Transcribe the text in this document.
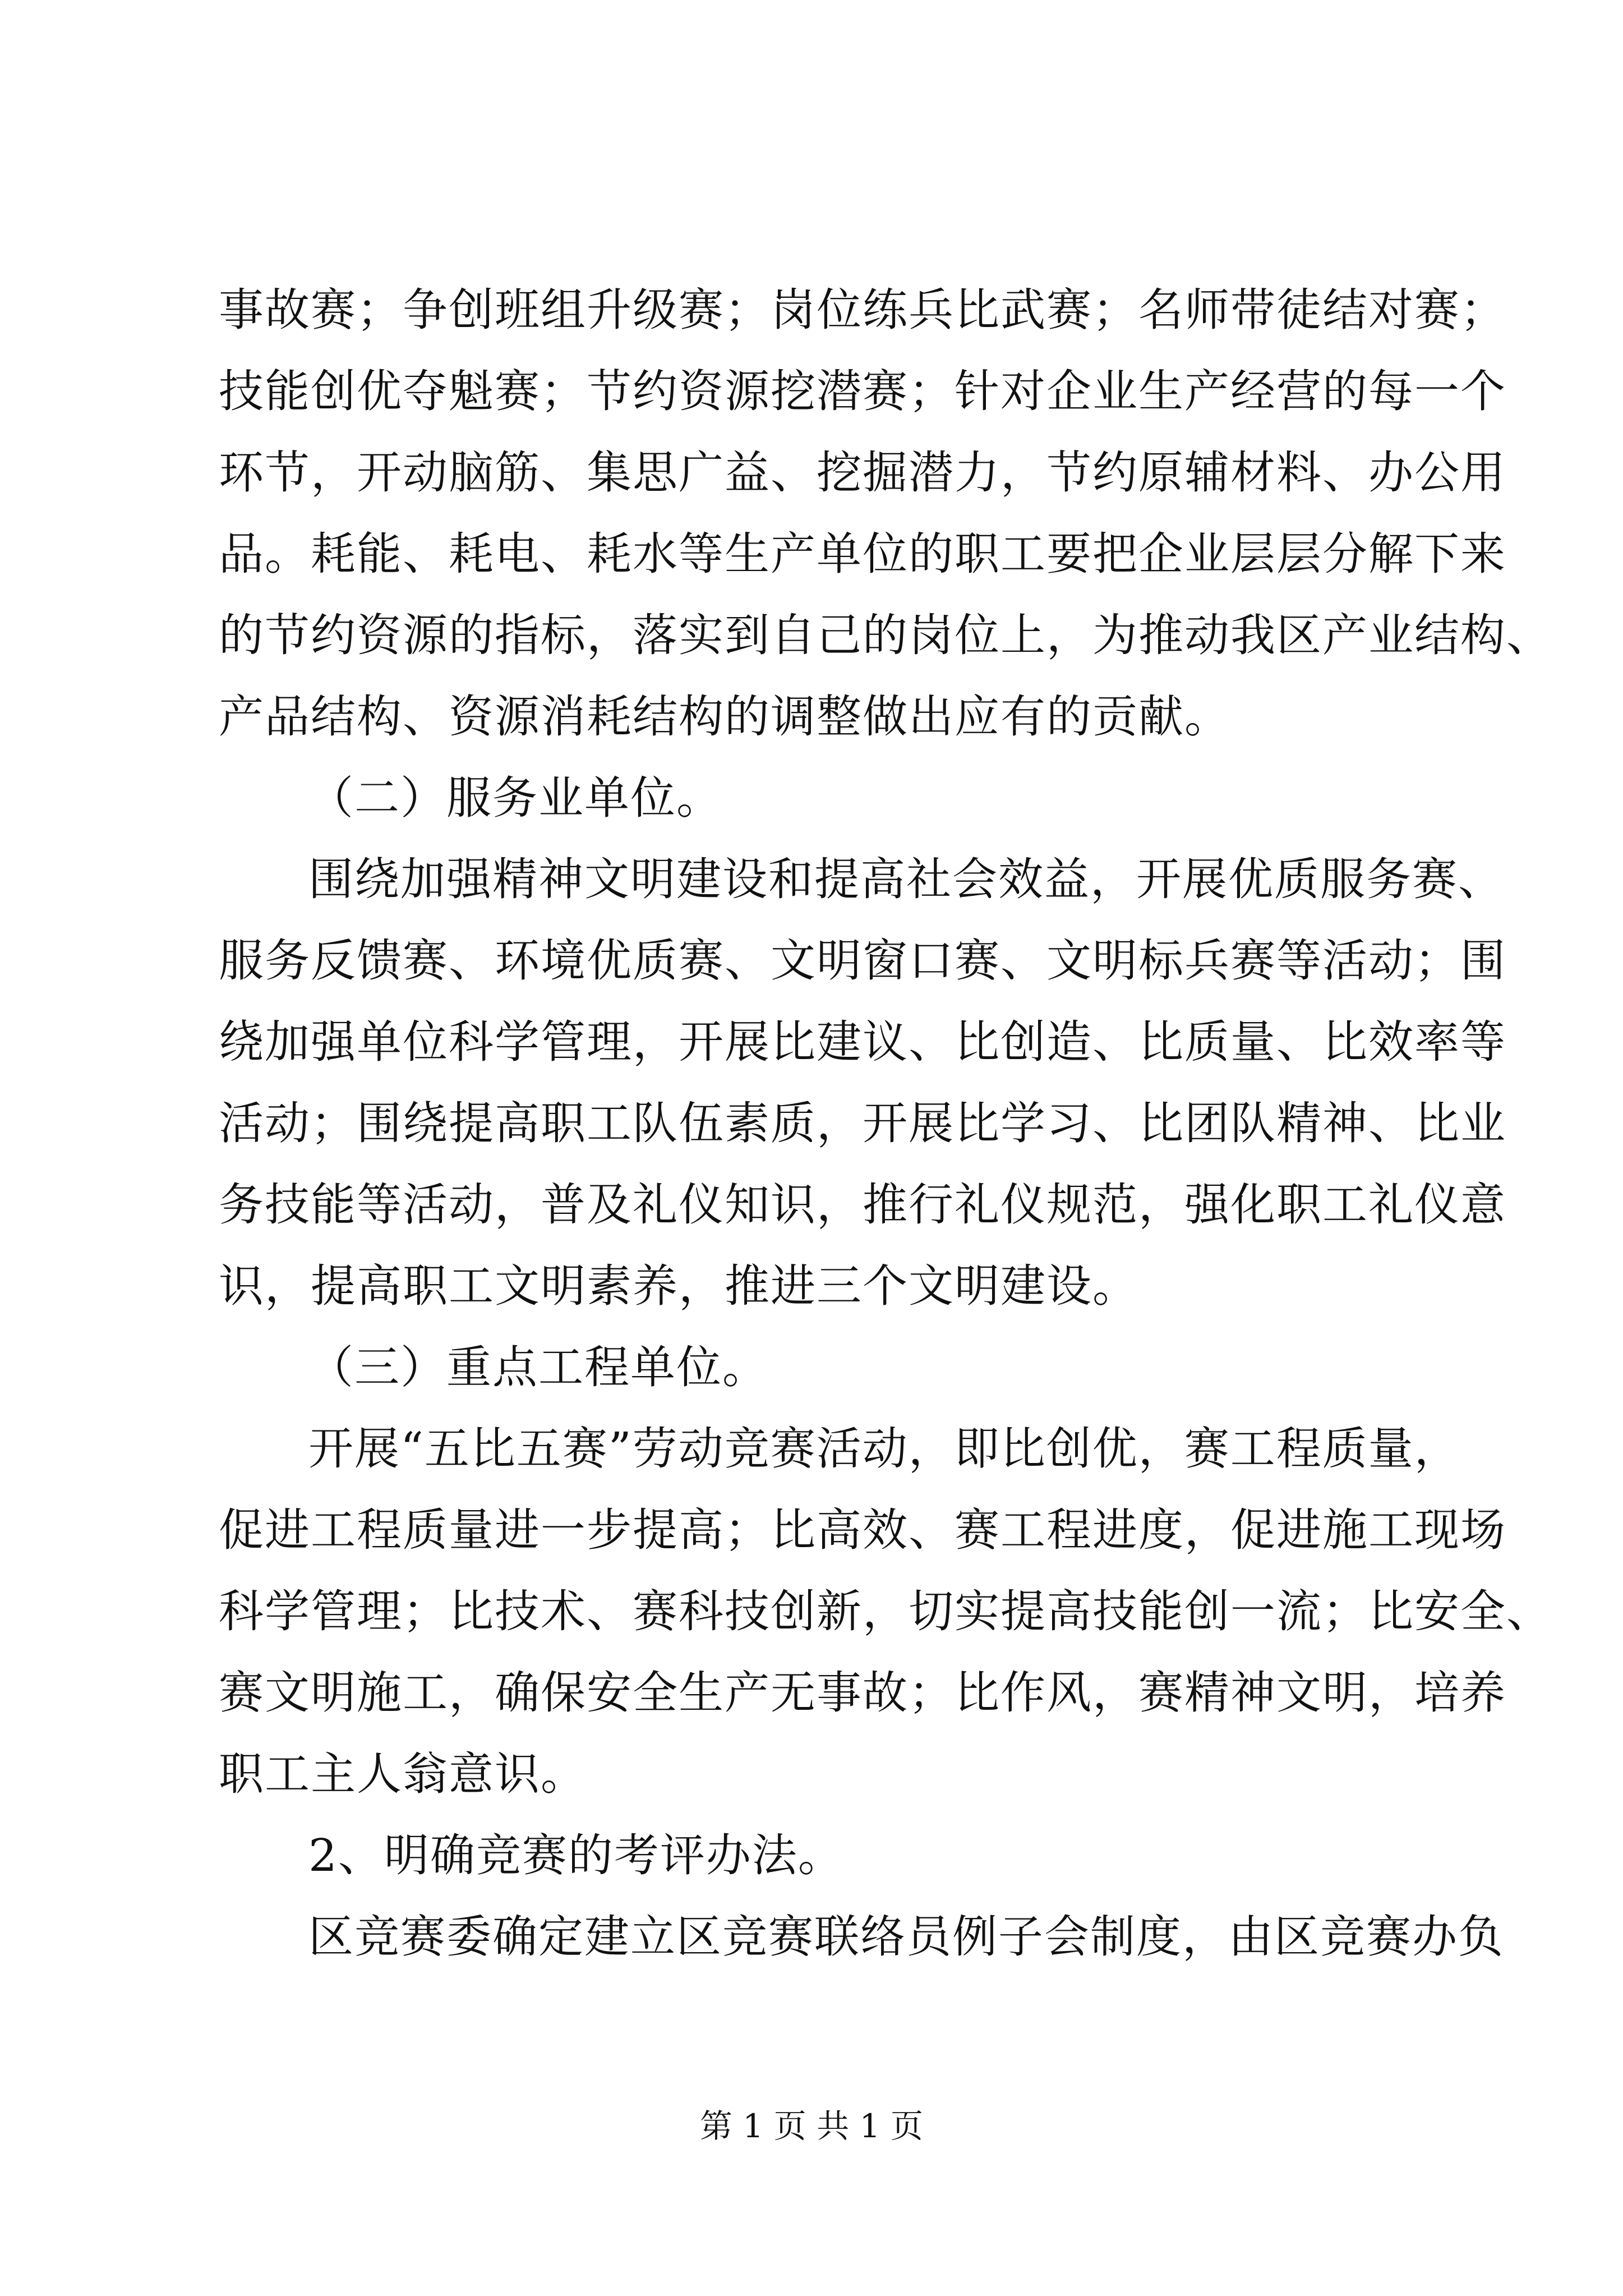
事故赛；争创班组升级赛；岗位练兵比武赛；名师带徒结对赛；
技能创优夺魁赛；节约资源挖潜赛；针对企业生产经营的每一个
环节，开动脑筋、集思广益、挖掘潜力，节约原辅材料、办公用
品。耗能、耗电、耗水等生产单位的职工要把企业层层分解下来
的节约资源的指标，落实到自己的岗位上，为推动我区产业结构、
产品结构、资源消耗结构的调整做出应有的贡献。
（二）服务业单位。
围绕加强精神文明建设和提高社会效益，开展优质服务赛、
服务反馈赛、环境优质赛、文明窗口赛、文明标兵赛等活动；围
绕加强单位科学管理，开展比建议、比创造、比质量、比效率等
活动；围绕提高职工队伍素质，开展比学习、比团队精神、比业
务技能等活动，普及礼仪知识，推行礼仪规范，强化职工礼仪意
识，提高职工文明素养，推进三个文明建设。
（三）重点工程单位。
开展“五比五赛”劳动竞赛活动，即比创优，赛工程质量，
促进工程质量进一步提高；比高效、赛工程进度，促进施工现场
科学管理；比技术、赛科技创新，切实提高技能创一流；比安全、
赛文明施工，确保安全生产无事故；比作风，赛精神文明，培养
职工主人翁意识。
2、明确竞赛的考评办法。
区竞赛委确定建立区竞赛联络员例子会制度，由区竞赛办负
第 1 页 共 1 页
